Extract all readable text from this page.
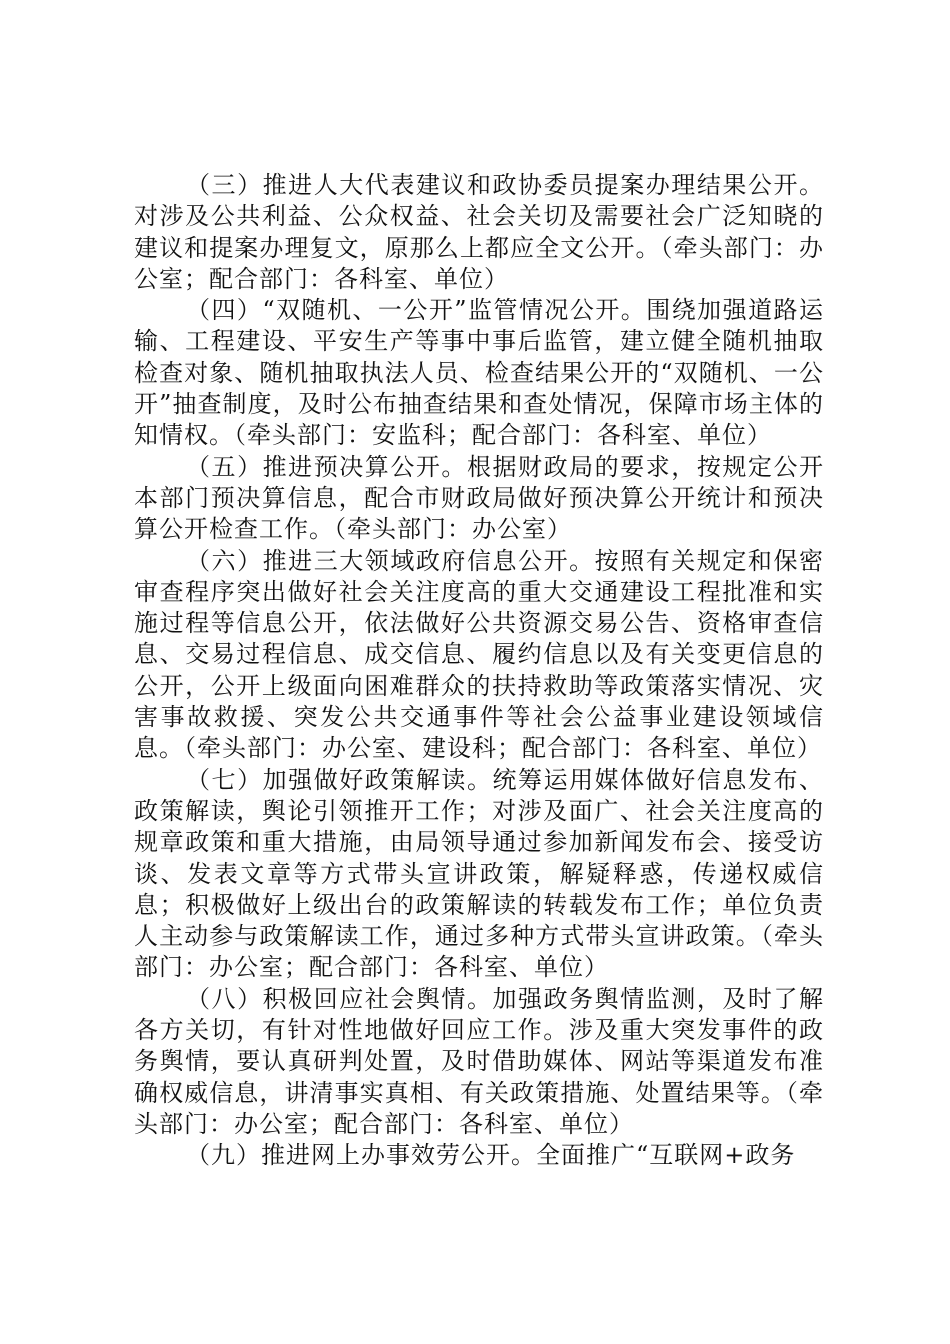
（三）推进人大代表建议和政协委员提案办理结果公开。对涉及公共利益、公众权益、社会关切及需要社会广泛知晓的建议和提案办理复文，原那么上都应全文公开。（牵头部门：办公室；配合部门：各科室、单位）

（四）“双随机、一公开”监管情况公开。围绕加强道路运输、工程建设、平安生产等事中事后监管，建立健全随机抽取检查对象、随机抽取执法人员、检查结果公开的“双随机、一公开”抽查制度，及时公布抽查结果和查处情况，保障市场主体的知情权。（牵头部门：安监科；配合部门：各科室、单位）

（五）推进预决算公开。根据财政局的要求，按规定公开本部门预决算信息，配合市财政局做好预决算公开统计和预决算公开检查工作。（牵头部门：办公室）

（六）推进三大领域政府信息公开。按照有关规定和保密审查程序突出做好社会关注度高的重大交通建设工程批准和实施过程等信息公开，依法做好公共资源交易公告、资格审查信息、交易过程信息、成交信息、履约信息以及有关变更信息的公开，公开上级面向困难群众的扶持救助等政策落实情况、灾害事故救援、突发公共交通事件等社会公益事业建设领域信息。（牵头部门：办公室、建设科；配合部门：各科室、单位）

（七）加强做好政策解读。统筹运用媒体做好信息发布、政策解读，舆论引领推开工作；对涉及面广、社会关注度高的规章政策和重大措施，由局领导通过参加新闻发布会、接受访谈、发表文章等方式带头宣讲政策，解疑释惑，传递权威信息；积极做好上级出台的政策解读的转载发布工作；单位负责人主动参与政策解读工作，通过多种方式带头宣讲政策。（牵头部门：办公室；配合部门：各科室、单位）

（八）积极回应社会舆情。加强政务舆情监测，及时了解各方关切，有针对性地做好回应工作。涉及重大突发事件的政务舆情，要认真研判处置，及时借助媒体、网站等渠道发布准确权威信息，讲清事实真相、有关政策措施、处置结果等。（牵头部门：办公室；配合部门：各科室、单位）

（九）推进网上办事效劳公开。全面推广“互联网+政务
